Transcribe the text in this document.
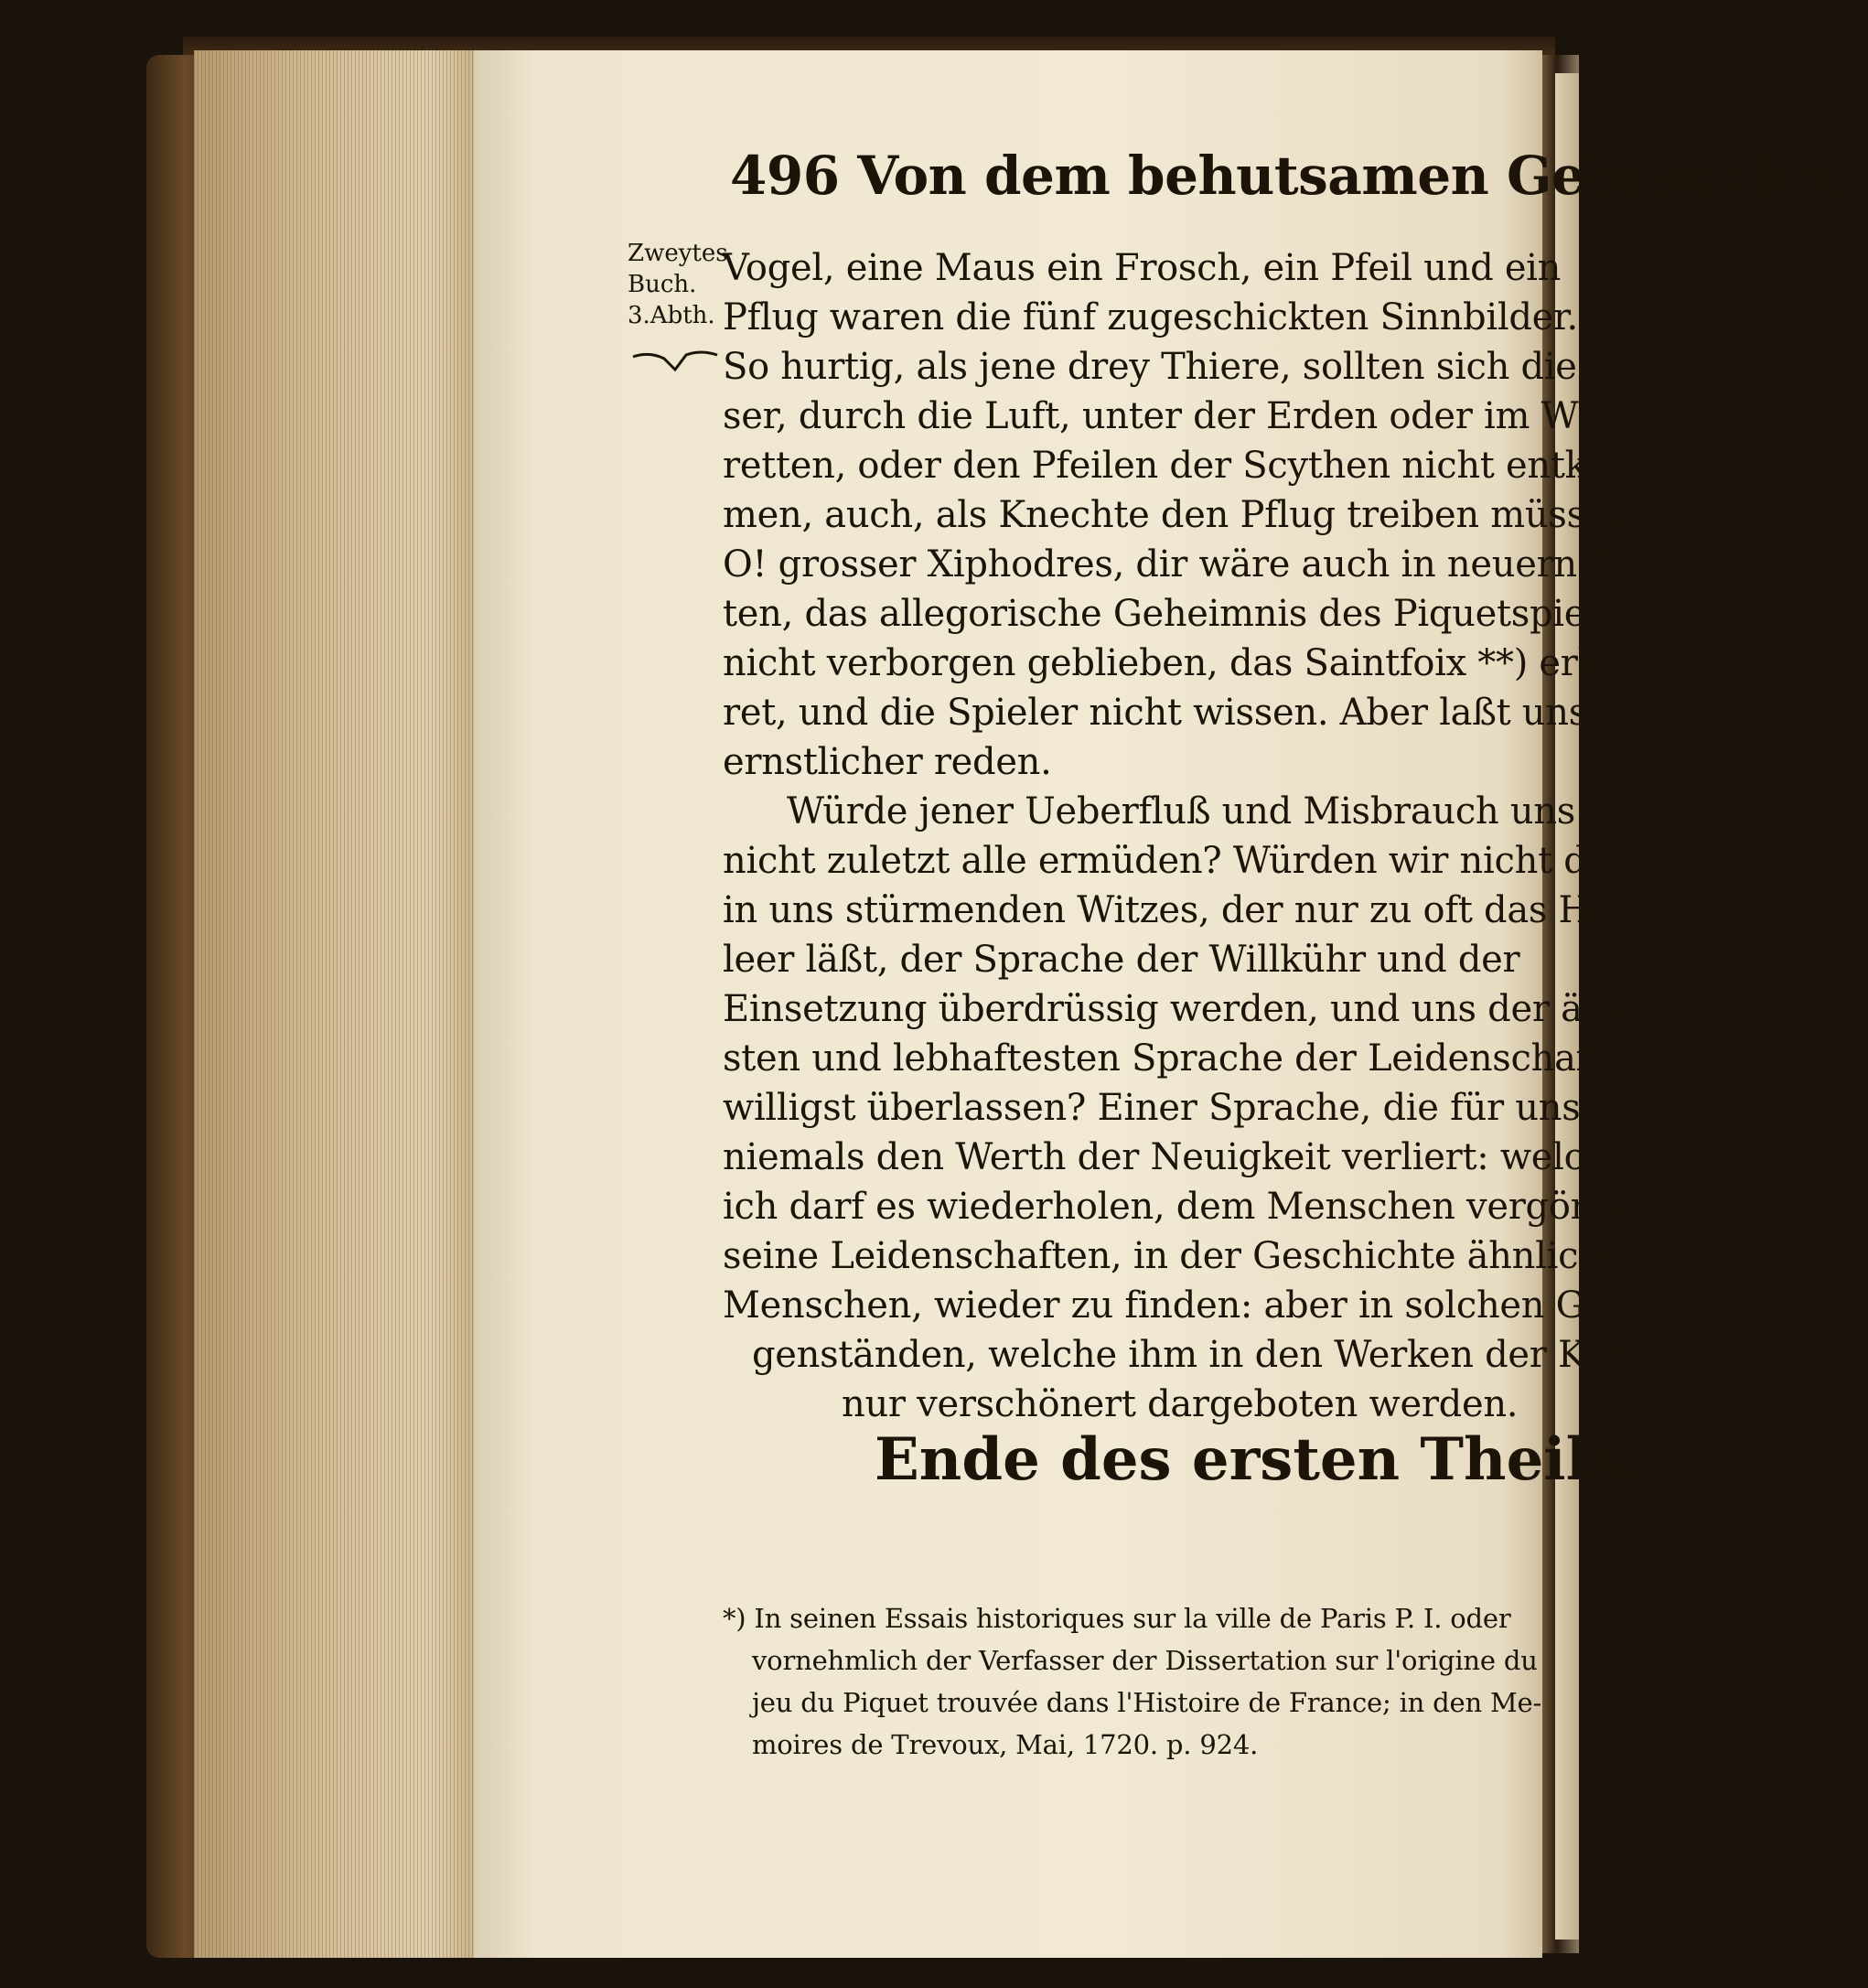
496 Von dem behutsamen Gebrauchrc.
Zweytes
Buch.
3.Abth.
Vogel, eine Maus ein Frosch, ein Pfeil und ein
Pflug waren die fünf zugeschickten Sinnbilder.
So hurtig, als jene drey Thiere, sollten sich die Per-
ser, durch die Luft, unter der Erden oder im W
retten, oder den Pfeilen der Scythen nicht entk
men, auch, als Knechte den Pflug treiben müssen.
O! grosser Xiphodres, dir wäre auch in neuern Zei-
ten, das allegorische Geheimnis des Piquetspiels
nicht verborgen geblieben, das Saintfoix **) erklä-
ret, und die Spieler nicht wissen. Aber laßt uns
ernstlicher reden.
Würde jener Ueberfluß und Misbrauch uns
nicht zuletzt alle ermüden? Würden wir nicht des
in uns stürmenden Witzes, der nur zu oft das Herz
leer läßt, der Sprache der Willkühr und der
Einsetzung überdrüssig werden, und uns der älte-
sten und lebhaftesten Sprache der Leidenschaften
willigst überlassen? Einer Sprache, die für uns
niemals den Werth der Neuigkeit verliert: welche,
ich darf es wiederholen, dem Menschen vergönnet,
seine Leidenschaften, in der Geschichte ähnlicher
Menschen, wieder zu finden: aber in solchen Ge-
genständen, welche ihm in den Werken der Kunst
nur verschönert dargeboten werden.
Ende des ersten Theils.
*) In seinen Essais historiques sur la ville de Paris P. I. oder
vornehmlich der Verfasser der Dissertation sur l'origine du
jeu du Piquet trouvée dans l'Histoire de France; in den Me-
moires de Trevoux, Mai, 1720. p. 924.
